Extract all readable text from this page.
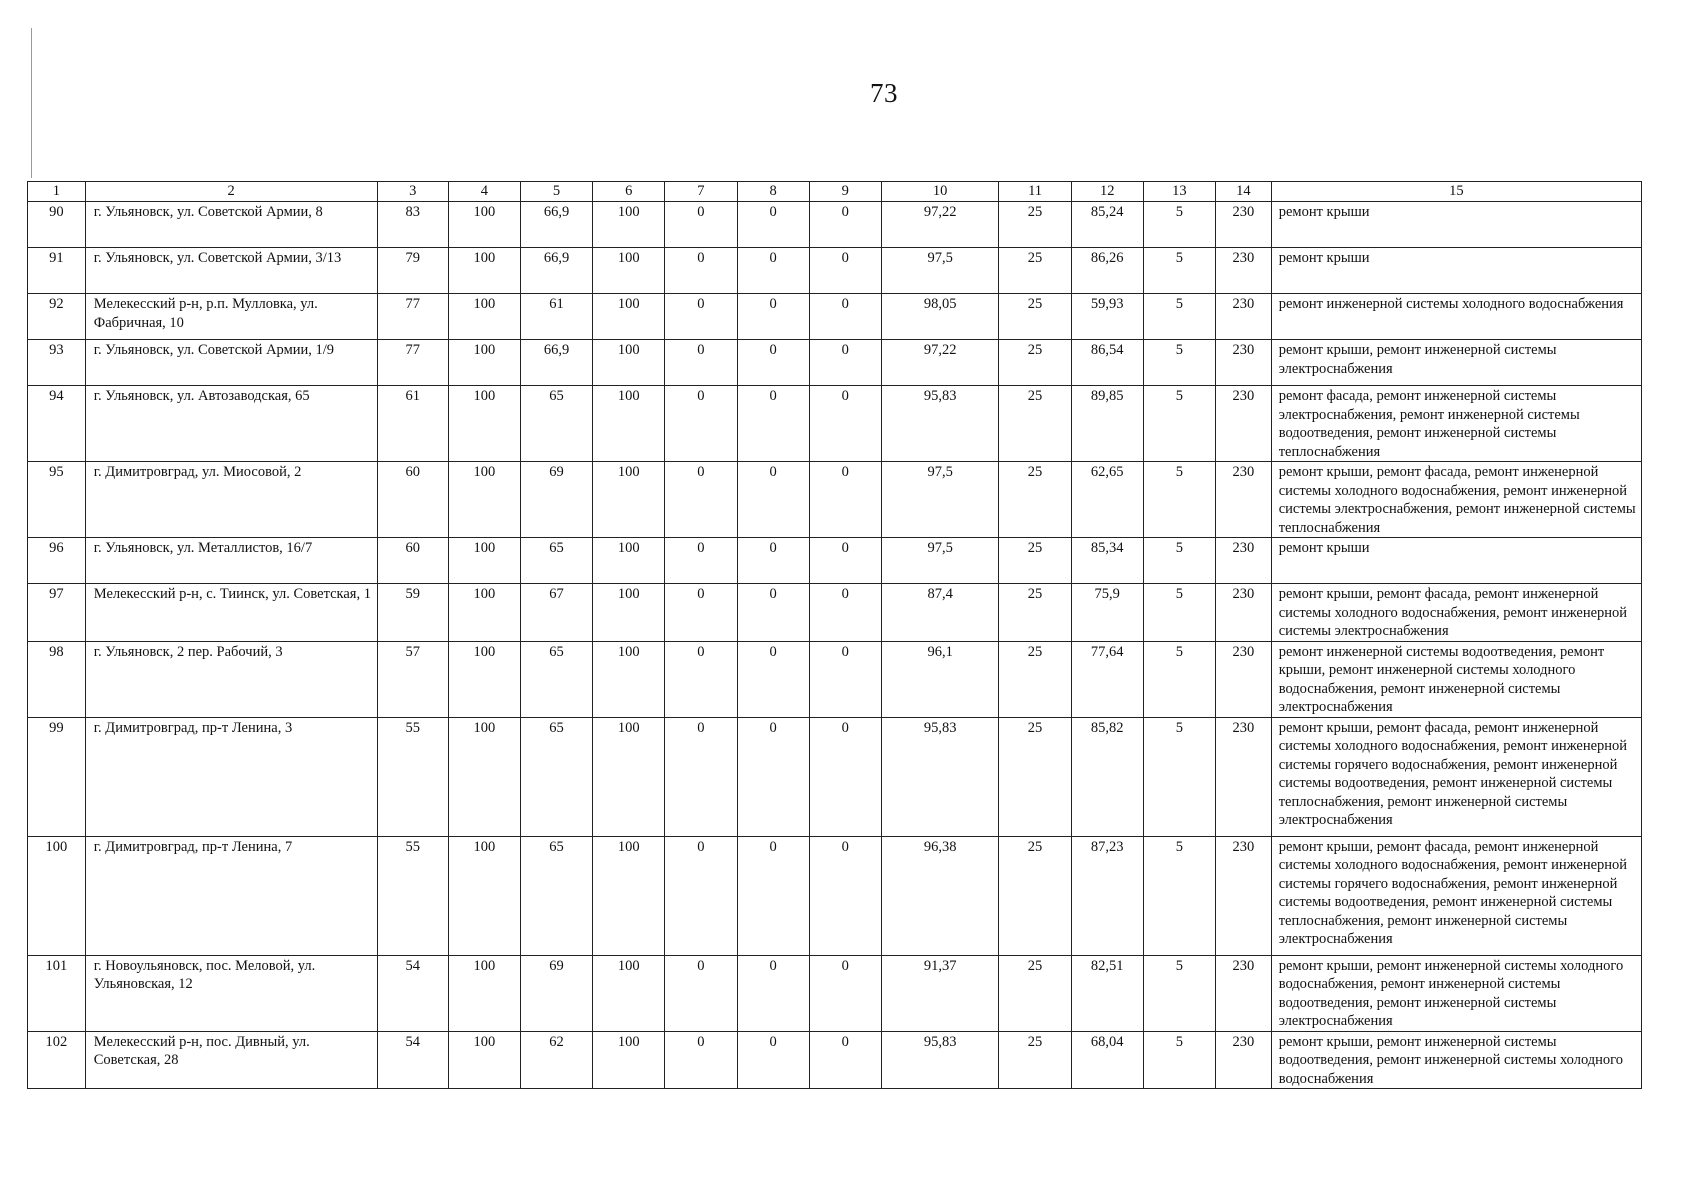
73
1	2	3	4	5	6	7	8	9	10	11	12	13	14	15
90	г. Ульяновск, ул. Советской Армии, 8	83	100	66,9	100	0	0	0	97,22	25	85,24	5	230	ремонт крыши
91	г. Ульяновск, ул. Советской Армии, 3/13	79	100	66,9	100	0	0	0	97,5	25	86,26	5	230	ремонт крыши
92	Мелекесский р-н, р.п. Мулловка, ул. Фабричная, 10	77	100	61	100	0	0	0	98,05	25	59,93	5	230	ремонт инженерной системы холодного водоснабжения
93	г. Ульяновск, ул. Советской Армии, 1/9	77	100	66,9	100	0	0	0	97,22	25	86,54	5	230	ремонт крыши, ремонт инженерной системы электроснабжения
94	г. Ульяновск, ул. Автозаводская, 65	61	100	65	100	0	0	0	95,83	25	89,85	5	230	ремонт фасада, ремонт инженерной системы электроснабжения, ремонт инженерной системы водоотведения, ремонт инженерной системы теплоснабжения
95	г. Димитровград, ул. Миосовой, 2	60	100	69	100	0	0	0	97,5	25	62,65	5	230	ремонт крыши, ремонт фасада, ремонт инженерной системы холодного водоснабжения, ремонт инженерной системы электроснабжения, ремонт инженерной системы теплоснабжения
96	г. Ульяновск, ул. Металлистов, 16/7	60	100	65	100	0	0	0	97,5	25	85,34	5	230	ремонт крыши
97	Мелекесский р-н, с. Тиинск, ул. Советская, 1	59	100	67	100	0	0	0	87,4	25	75,9	5	230	ремонт крыши, ремонт фасада, ремонт инженерной системы холодного водоснабжения, ремонт инженерной системы электроснабжения
98	г. Ульяновск, 2 пер. Рабочий, 3	57	100	65	100	0	0	0	96,1	25	77,64	5	230	ремонт инженерной системы водоотведения, ремонт крыши, ремонт инженерной системы холодного водоснабжения, ремонт инженерной системы электроснабжения
99	г. Димитровград, пр-т Ленина, 3	55	100	65	100	0	0	0	95,83	25	85,82	5	230	ремонт крыши, ремонт фасада, ремонт инженерной системы холодного водоснабжения, ремонт инженерной системы горячего водоснабжения, ремонт инженерной системы водоотведения, ремонт инженерной системы теплоснабжения, ремонт инженерной системы электроснабжения
100	г. Димитровград, пр-т Ленина, 7	55	100	65	100	0	0	0	96,38	25	87,23	5	230	ремонт крыши, ремонт фасада, ремонт инженерной системы холодного водоснабжения, ремонт инженерной системы горячего водоснабжения, ремонт инженерной системы водоотведения, ремонт инженерной системы теплоснабжения, ремонт инженерной системы электроснабжения
101	г. Новоульяновск, пос. Меловой, ул. Ульяновская, 12	54	100	69	100	0	0	0	91,37	25	82,51	5	230	ремонт крыши, ремонт инженерной системы холодного водоснабжения, ремонт инженерной системы водоотведения, ремонт инженерной системы электроснабжения
102	Мелекесский р-н, пос. Дивный, ул. Советская, 28	54	100	62	100	0	0	0	95,83	25	68,04	5	230	ремонт крыши, ремонт инженерной системы водоотведения, ремонт инженерной системы холодного водоснабжения
